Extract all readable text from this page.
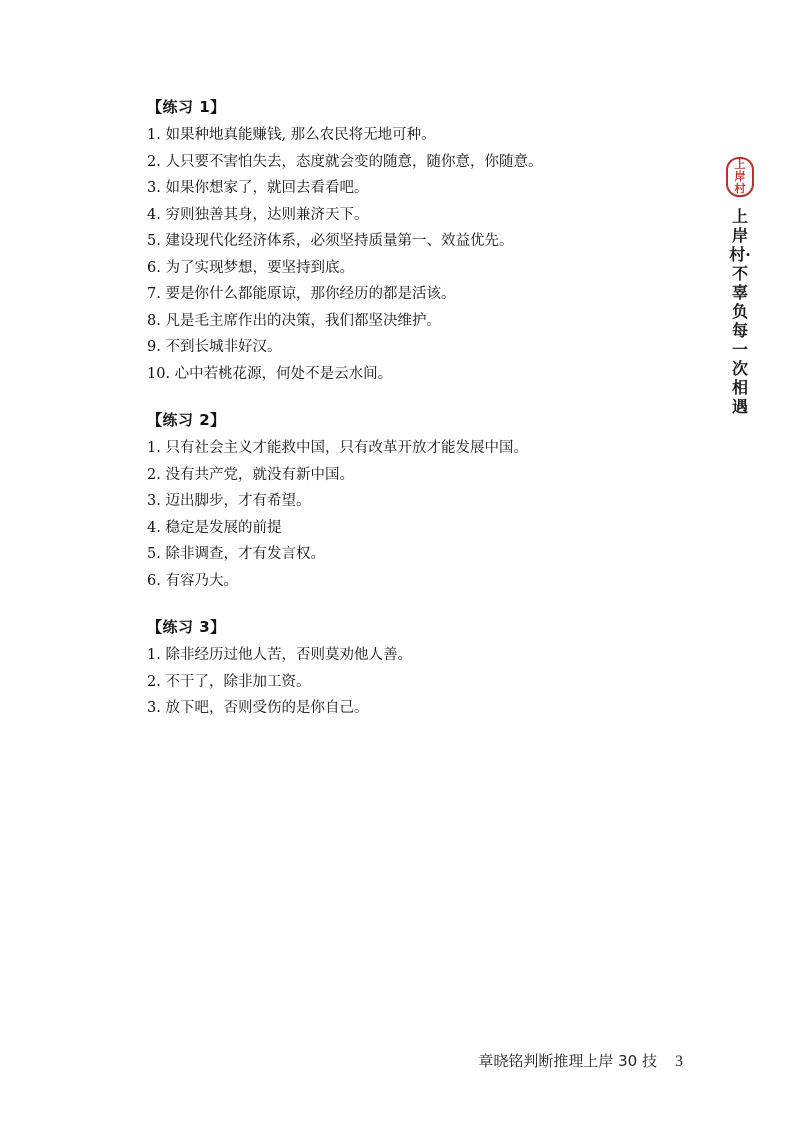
上
岸
村
上岸村·不辜负每一次相遇
【练习 1】
1. 如果种地真能赚钱, 那么农民将无地可种。
2. 人只要不害怕失去，态度就会变的随意，随你意，你随意。
3. 如果你想家了，就回去看看吧。
4. 穷则独善其身，达则兼济天下。
5. 建设现代化经济体系，必须坚持质量第一、效益优先。
6. 为了实现梦想，要坚持到底。
7. 要是你什么都能原谅，那你经历的都是活该。
8. 凡是毛主席作出的决策，我们都坚决维护。
9. 不到长城非好汉。
10. 心中若桃花源，何处不是云水间。
【练习 2】
1. 只有社会主义才能救中国，只有改革开放才能发展中国。
2. 没有共产党，就没有新中国。
3. 迈出脚步，才有希望。
4. 稳定是发展的前提
5. 除非调查，才有发言权。
6. 有容乃大。
【练习 3】
1. 除非经历过他人苦，否则莫劝他人善。
2. 不干了，除非加工资。
3. 放下吧，否则受伤的是你自己。
章晓铭判断推理上岸 30 技 3
